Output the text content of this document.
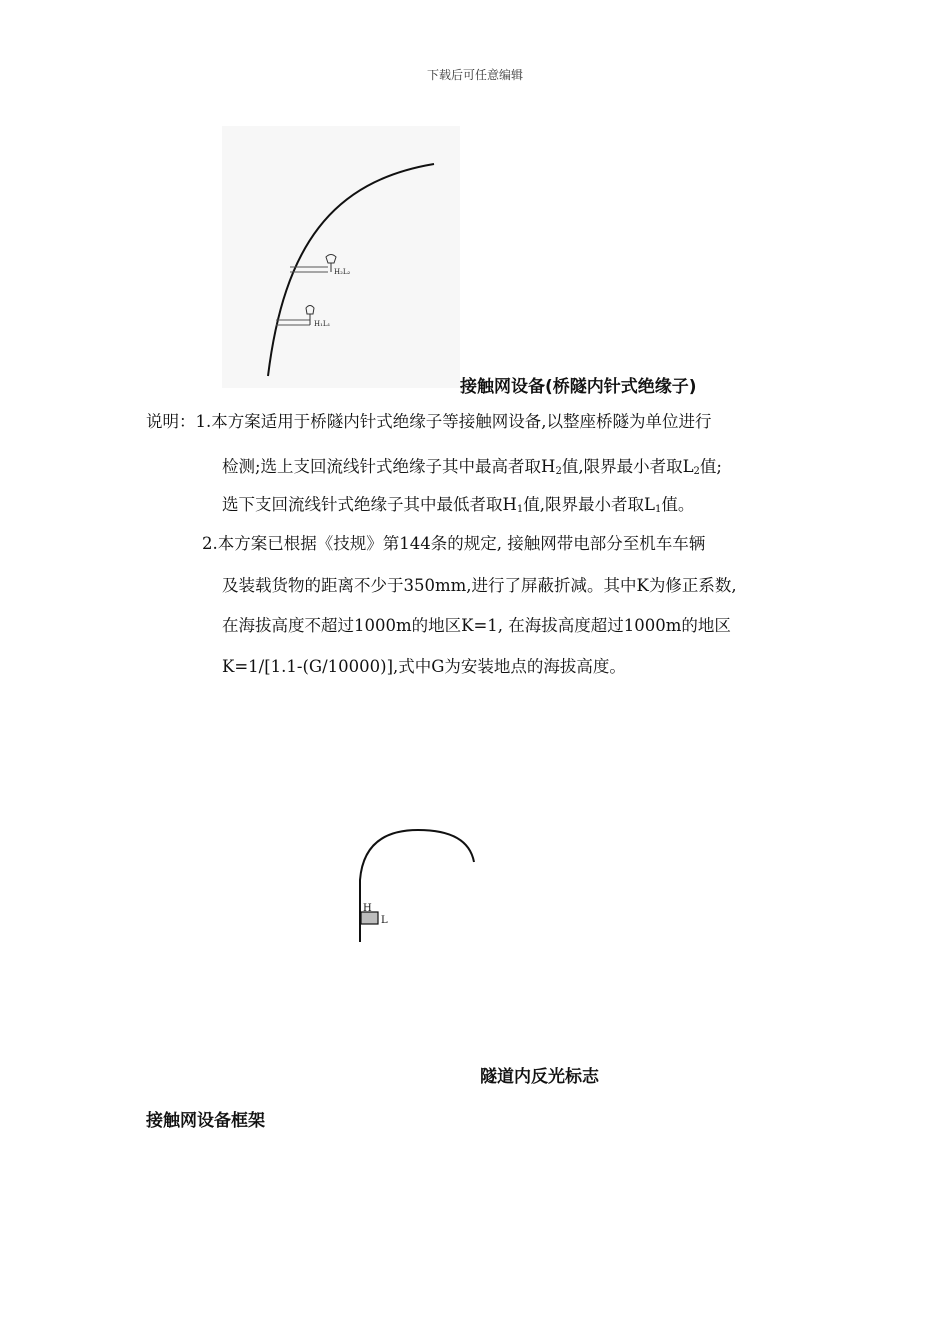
下载后可任意编辑
H₂L₂
H₁L₁
接触网设备(桥隧内针式绝缘子)
说明：1.本方案适用于桥隧内针式绝缘子等接触网设备,以整座桥隧为单位进行
检测;选上支回流线针式绝缘子其中最高者取$H_2$值,限界最小者取$L_2$值;
选下支回流线针式绝缘子其中最低者取$H_1$值,限界最小者取$L_1$值。
2.本方案已根据《技规》第144条的规定, 接触网带电部分至机车车辆
及装载货物的距离不少于350mm,进行了屏蔽折减。其中K为修正系数,
在海拔高度不超过1000m的地区K=1, 在海拔高度超过1000m的地区
K=1/[1.1-(G/10000)],式中G为安装地点的海拔高度。
H
L
隧道内反光标志
接触网设备框架
